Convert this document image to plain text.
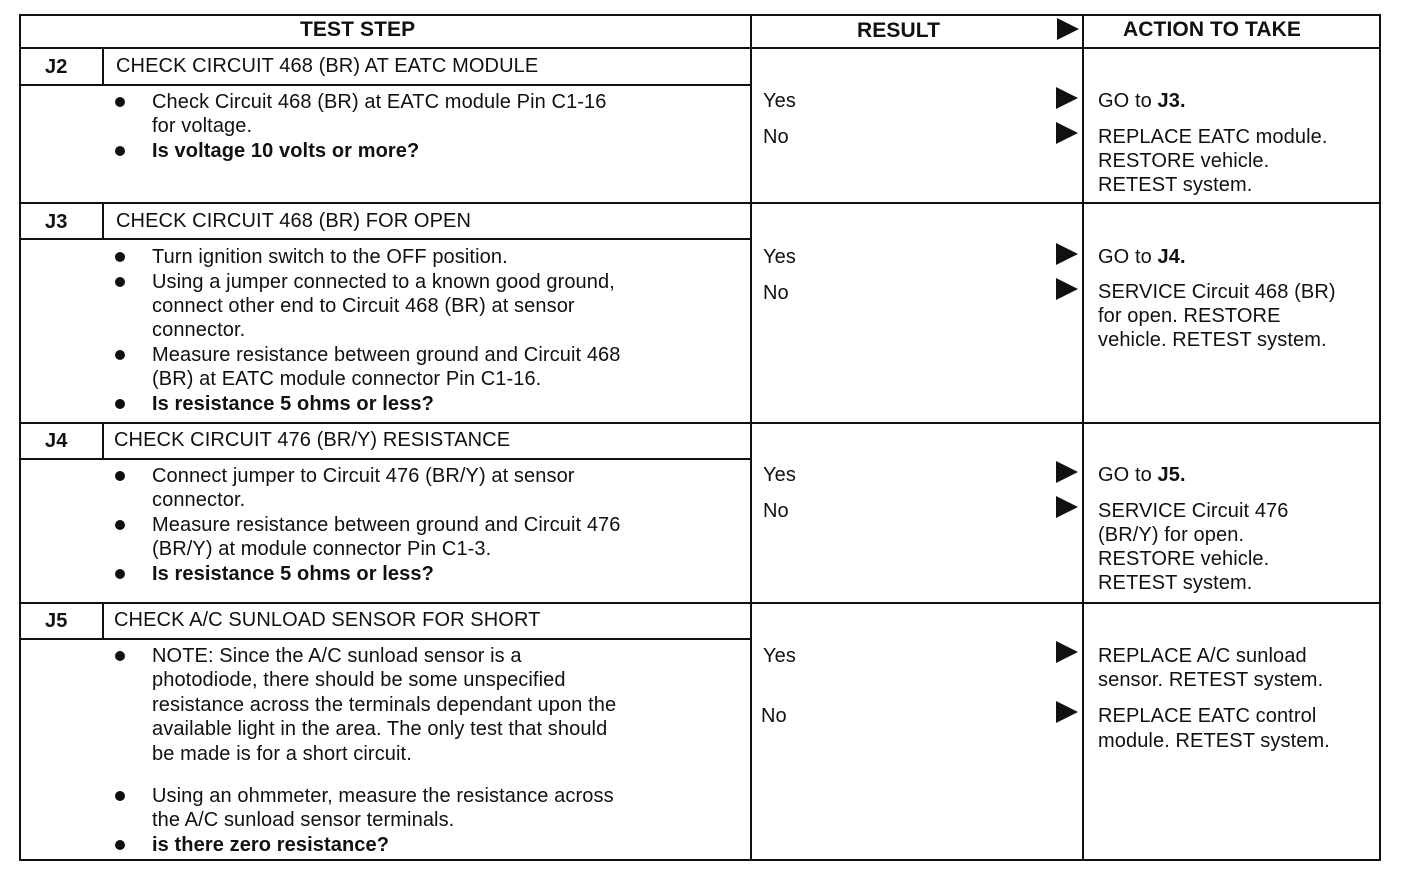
TEST STEP	RESULT	ACTION TO TAKE
J2 CHECK CIRCUIT 468 (BR) AT EATC MODULE
Check Circuit 468 (BR) at EATC module Pin C1-16
for voltage.
Is voltage 10 volts or more?
Yes
No
GO to J3.
REPLACE EATC module.
RESTORE vehicle.
RETEST system.
J3 CHECK CIRCUIT 468 (BR) FOR OPEN
Turn ignition switch to the OFF position.
Using a jumper connected to a known good ground,
connect other end to Circuit 468 (BR) at sensor
connector.
Measure resistance between ground and Circuit 468
(BR) at EATC module connector Pin C1-16.
Is resistance 5 ohms or less?
Yes
No
GO to J4.
SERVICE Circuit 468 (BR)
for open. RESTORE
vehicle. RETEST system.
J4 CHECK CIRCUIT 476 (BR/Y) RESISTANCE
Connect jumper to Circuit 476 (BR/Y) at sensor
connector.
Measure resistance between ground and Circuit 476
(BR/Y) at module connector Pin C1-3.
Is resistance 5 ohms or less?
Yes
No
GO to J5.
SERVICE Circuit 476
(BR/Y) for open.
RESTORE vehicle.
RETEST system.
J5 CHECK A/C SUNLOAD SENSOR FOR SHORT
NOTE: Since the A/C sunload sensor is a
photodiode, there should be some unspecified
resistance across the terminals dependant upon the
available light in the area. The only test that should
be made is for a short circuit.
Using an ohmmeter, measure the resistance across
the A/C sunload sensor terminals.
is there zero resistance?
Yes
No
REPLACE A/C sunload
sensor. RETEST system.
REPLACE EATC control
module. RETEST system.
